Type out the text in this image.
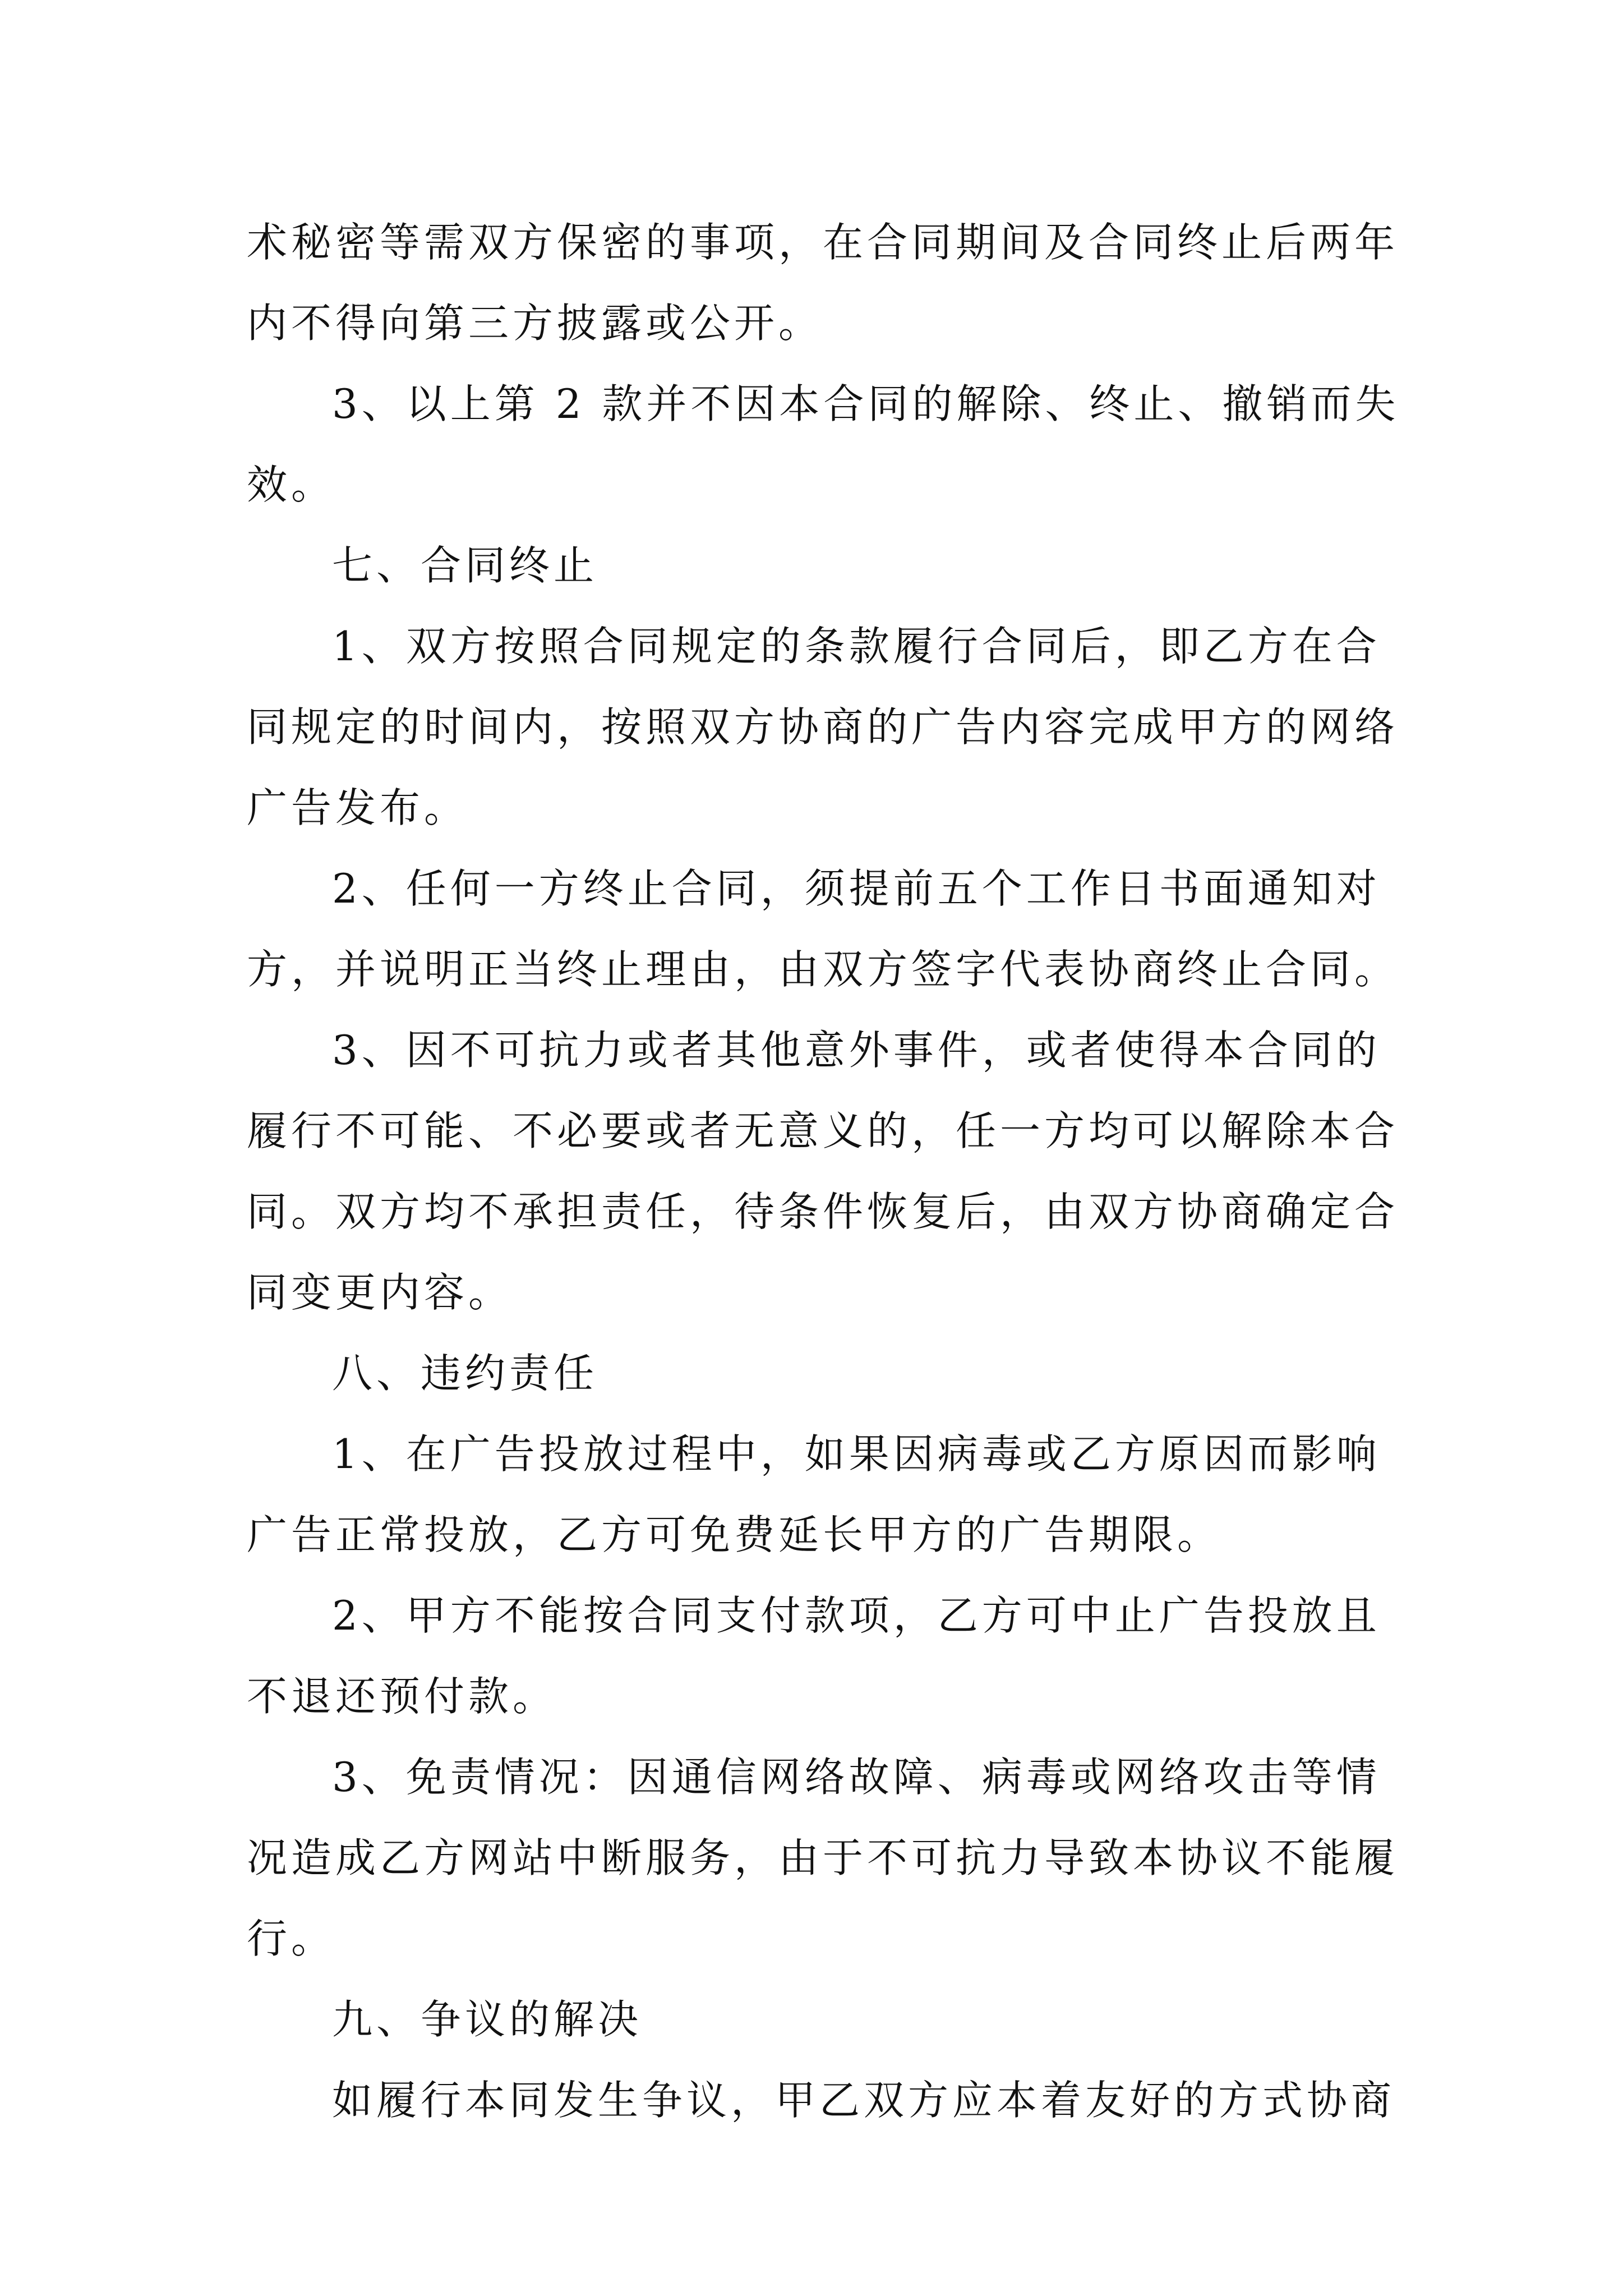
术秘密等需双方保密的事项，在合同期间及合同终止后两年
内不得向第三方披露或公开。
3、以上第 2 款并不因本合同的解除、终止、撤销而失
效。
七、合同终止
1、双方按照合同规定的条款履行合同后，即乙方在合
同规定的时间内，按照双方协商的广告内容完成甲方的网络
广告发布。
2、任何一方终止合同，须提前五个工作日书面通知对
方，并说明正当终止理由，由双方签字代表协商终止合同。
3、因不可抗力或者其他意外事件，或者使得本合同的
履行不可能、不必要或者无意义的，任一方均可以解除本合
同。双方均不承担责任，待条件恢复后，由双方协商确定合
同变更内容。
八、违约责任
1、在广告投放过程中，如果因病毒或乙方原因而影响
广告正常投放，乙方可免费延长甲方的广告期限。
2、甲方不能按合同支付款项，乙方可中止广告投放且
不退还预付款。
3、免责情况：因通信网络故障、病毒或网络攻击等情
况造成乙方网站中断服务，由于不可抗力导致本协议不能履
行。
九、争议的解决
如履行本同发生争议，甲乙双方应本着友好的方式协商
